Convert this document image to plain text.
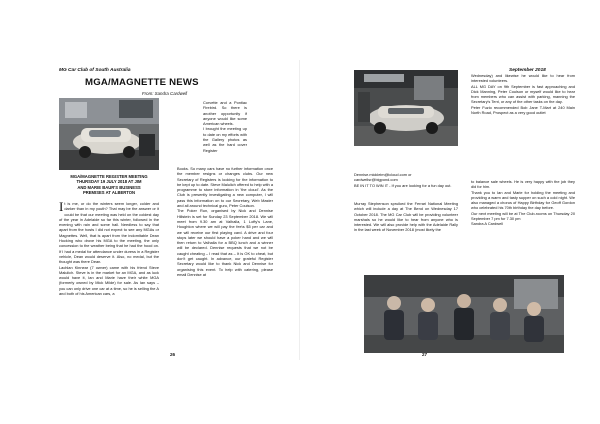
MG Car Club of South Australia
MGA/MAGNETTE NEWS
From: Sandra Cardwell
MGA/MAGNETTE REGISTER MEETING
THURSDAY 19 JULY 2018 AT JIM
AND MARIE BAUR'S BUSINESS
PREMISES AT ALBERTON
It is me, or do the winters seem longer, colder and darker than in my youth? That may be the answer or it could be that our meeting was held on the coldest day of the year in Adelaide so far this winter, followed in the evening with rain and some hail. Needless to say that apart from the hosts I did not expect to see any MGAs or Magnettes. Well, that is apart from the indomitable Dean Hocking who drove his MGA to the meeting, the only concession to the weather being that he had the hood on. If I had a medal for attendance under duress in a Register vehicle, Dean would deserve it. Also, no medal, but the thought was there Dean.
Lachlan Kinnear (7 owner) came with his friend Steve Malulich. Steve is in the market for an MGA, and as luck would have it, Ian and Marie have their white MGA (formerly owned by Mick Milde) for sale. As Ian says – you can only drive one car at a time, so he is selling the A and both of his American cars, a
Corvette and a Pontiac Firebird. So there is another opportunity if anyone would like some American wheels.
I brought the meeting up to date on my efforts with the Gallery photos as well as the hard cover Register
Books. So many cars have no further information once the member resigns or changes clubs. Our new Secretary of Registers is looking for the information to be kept up to date. Steve Malulich offered to help with a programme to store information in 'the cloud'. As the Club is presently investigating a new computer, I will pass this information on to our Secretary, Web Master and all around technical guru, Peter Coulson.
The Poker Run, organised by Nick and Dennise Hillstein is set for Sunday 23 September 2018. We will meet from 9.30 am at Valhalla, 1 Lofty's Lane, Houghton where we will pay the fee\s $5 per car and we will receive our first playing card. A drive and four stops later we should have a poker hand and we will then return to Valhalla for a BBQ lunch and a winner will be declared. Dennise requests that we not be caught cheating – I read that as – It is OK to cheat, but don't get caught. In advance, our grateful Register Secretary would like to thank Nick and Dennise for organising this event. To help with catering, please email Dennise at
26
September 2018
Dennise.mickleim@icloud.com or
cardwellsr@bigpond.com
BE IN IT TO WIN IT - If you are looking for a fun day out.
Murray Stephenson spruiked the Ferrari National Meeting which will include a day at The Bend on Wednesday 17 October 2018. The MG Car Club will be providing volunteer marshals so he would like to hear from anyone who is interested. We will also provide help with the Adelaide Rally in the last week of November 2018 (most likely the
Wednesday) and likewise he would like to hear from interested volunteers.
ALL MG DAY on 9th September is fast approaching and Dick Manning, Peter Coulson or myself would like to hear from members who can assist with parking, manning the Secretary's Tent, or any of the other tasks on the day.
Peter Fuzio recommended Bob Jane T-Mart at 240 Main North Road, Prospect as a very good outlet
to balance sale wheels. He is very happy with the job they did for him.
Thank you to Ian and Marie for holding the meeting and providing a warm and tasty supper on such a cold night. We also managed a chorus of Happy Birthday for Geoff Gordon who celebrated his 70th birthday the day before.
Our next meeting will be at The Club-rooms on Thursday 20 September 7 pm for 7.30 pm
Sandra A Cardwell
27
